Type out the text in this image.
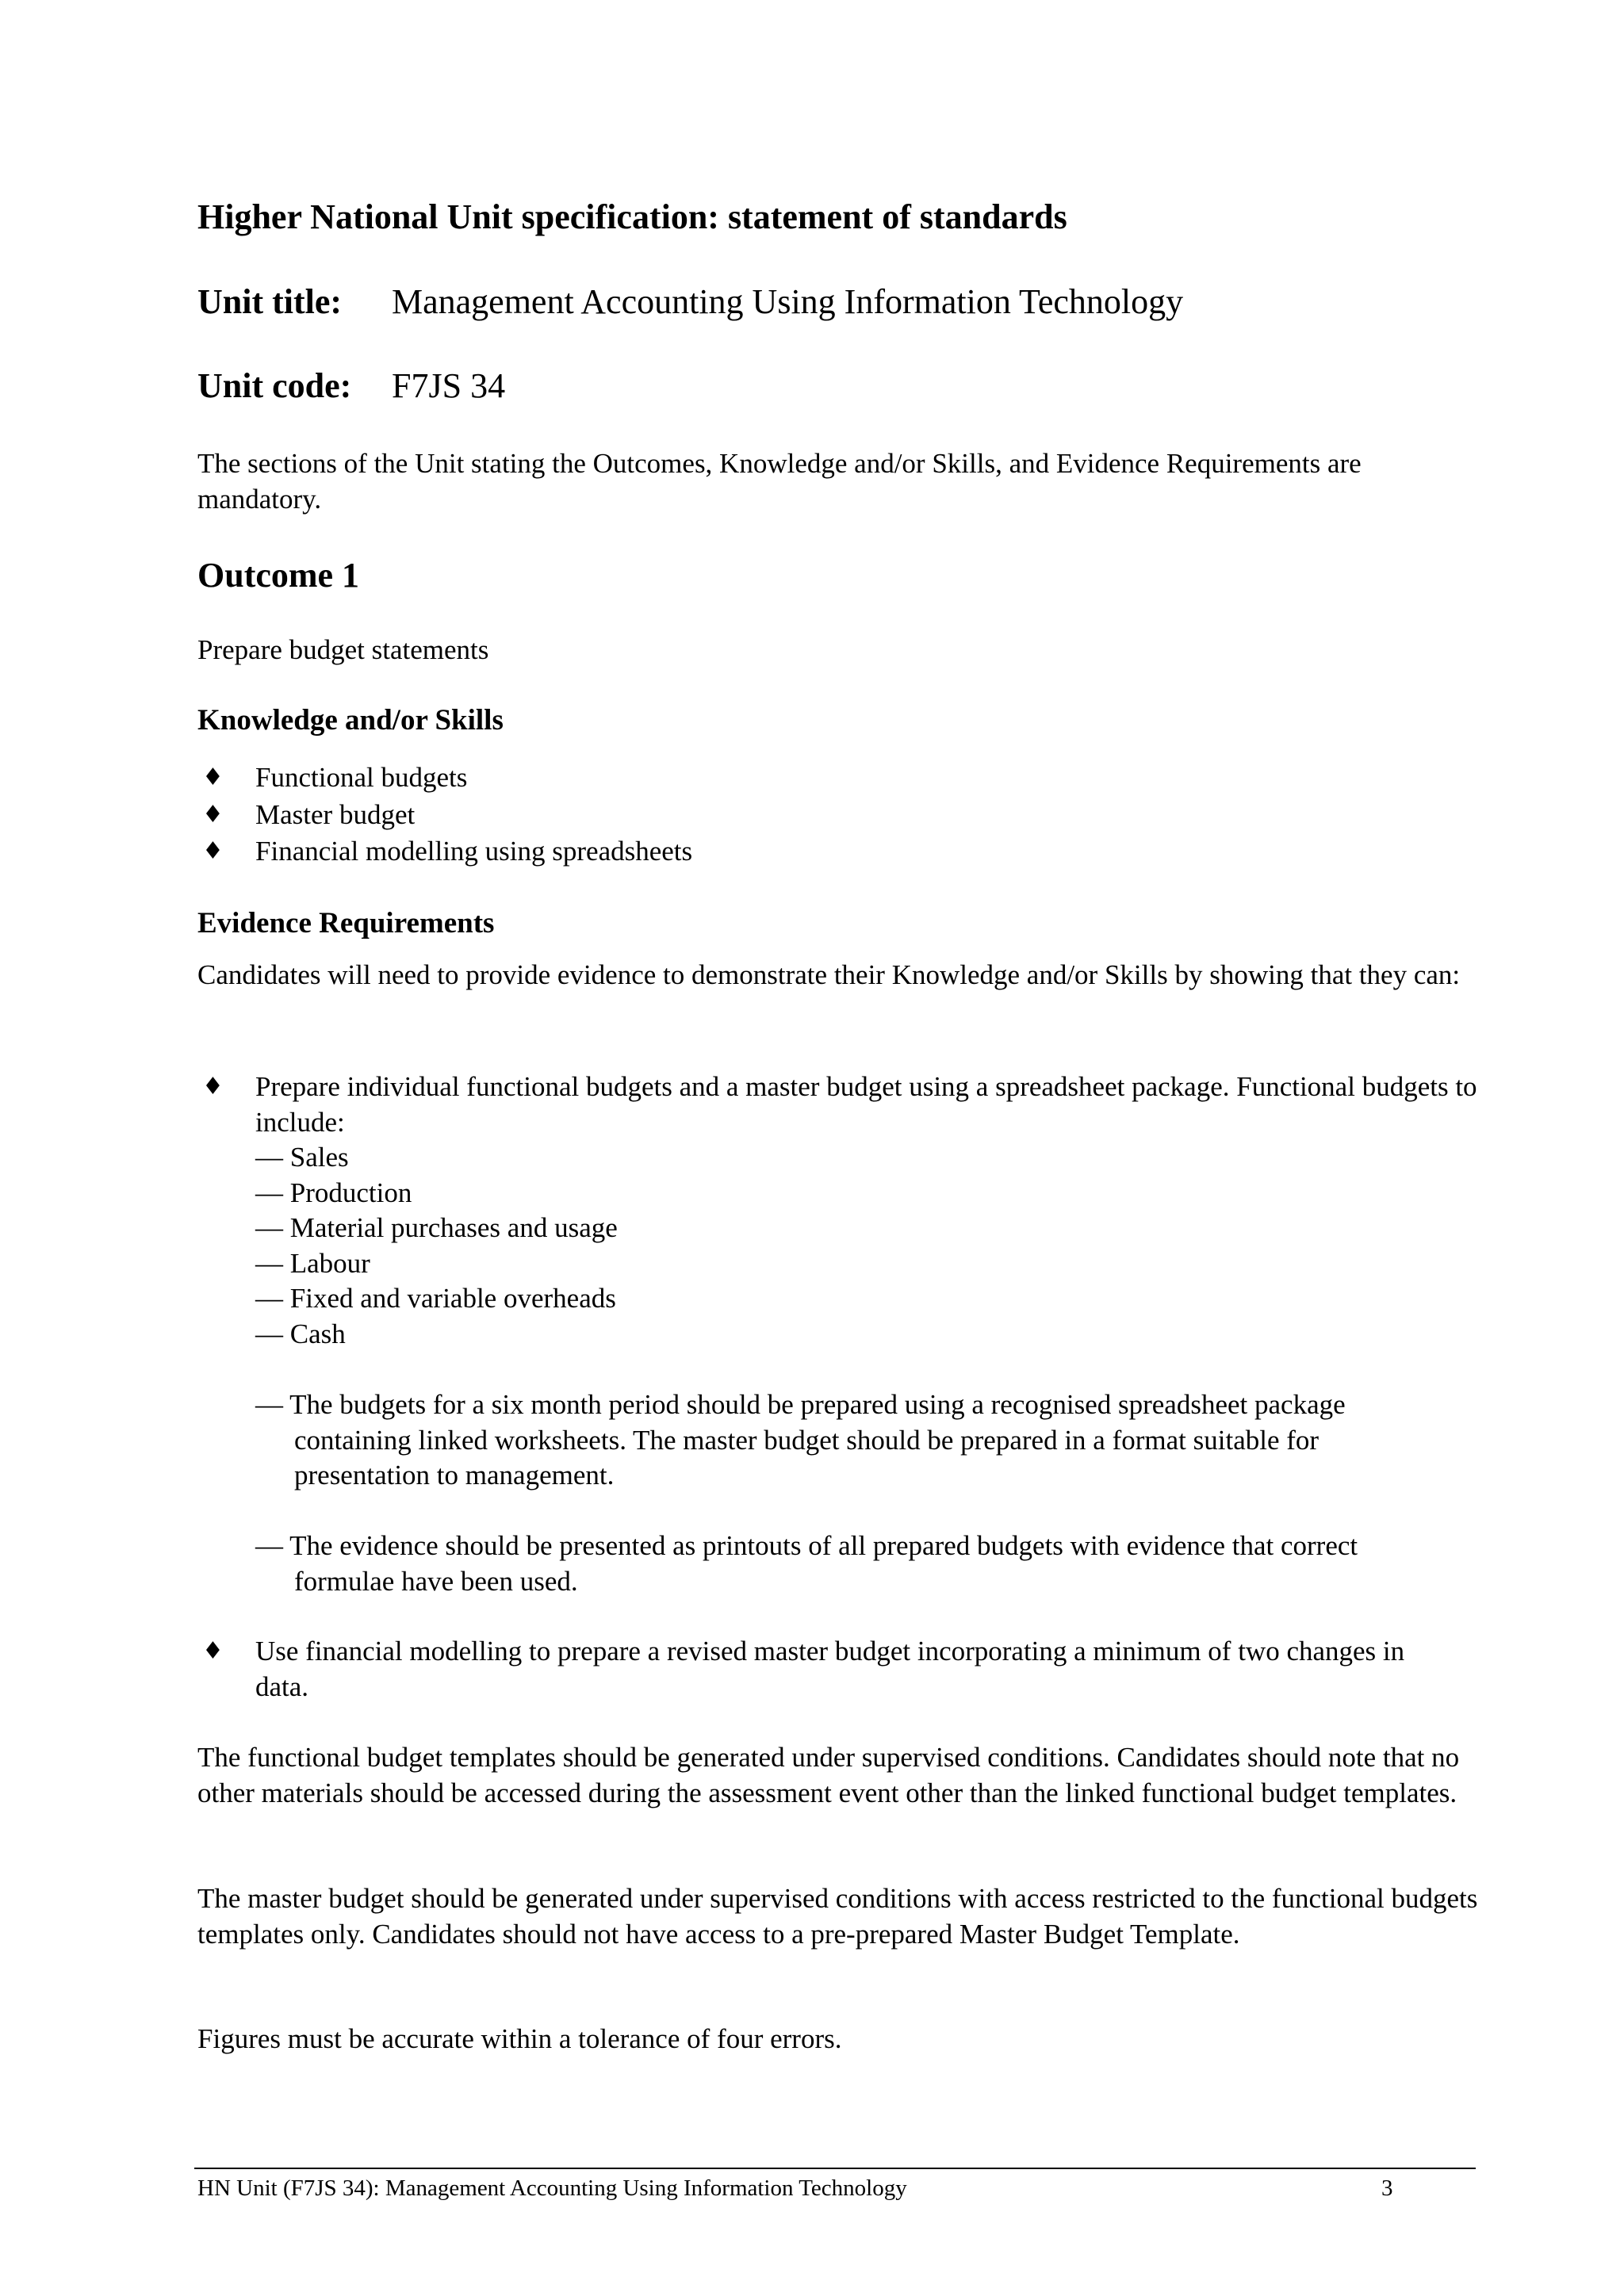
Higher National Unit specification: statement of standards
Unit title: Management Accounting Using Information Technology
Unit code: F7JS 34

The sections of the Unit stating the Outcomes, Knowledge and/or Skills, and Evidence Requirements are mandatory.

Outcome 1

Prepare budget statements

Knowledge and/or Skills
♦ Functional budgets
♦ Master budget
♦ Financial modelling using spreadsheets
Evidence Requirements

Candidates will need to provide evidence to demonstrate their Knowledge and/or Skills by showing that they can:

♦ Prepare individual functional budgets and a master budget using a spreadsheet package. Functional budgets to include:
— Sales
— Production
— Material purchases and usage
— Labour
— Fixed and variable overheads
— Cash
— The budgets for a six month period should be prepared using a recognised spreadsheet package
containing linked worksheets. The master budget should be prepared in a format suitable for presentation to management.
— The evidence should be presented as printouts of all prepared budgets with evidence that correct
formulae have been used.
♦ Use financial modelling to prepare a revised master budget incorporating a minimum of two changes in data.

The functional budget templates should be generated under supervised conditions. Candidates should note that no other materials should be accessed during the assessment event other than the linked functional budget templates.

The master budget should be generated under supervised conditions with access restricted to the functional budgets templates only. Candidates should not have access to a pre-prepared Master Budget Template.

Figures must be accurate within a tolerance of four errors.

HN Unit (F7JS 34): Management Accounting Using Information Technology	3
